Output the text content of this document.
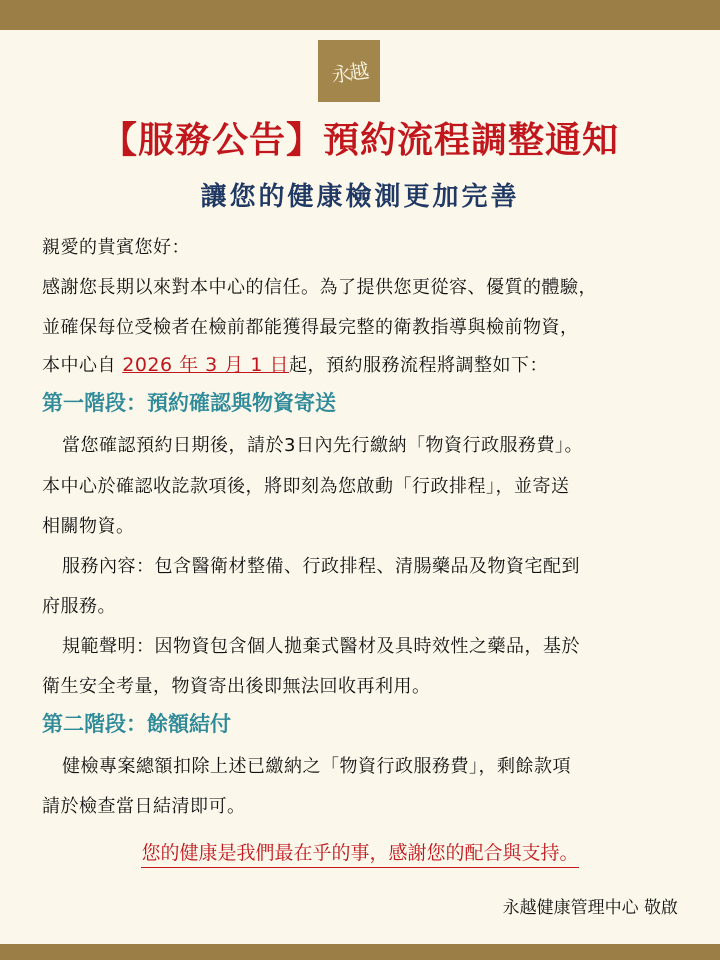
永越
【服務公告】預約流程調整通知
讓您的健康檢測更加完善
親愛的貴賓您好：
感謝您長期以來對本中心的信任。為了提供您更從容、優質的體驗，
並確保每位受檢者在檢前都能獲得最完整的衛教指導與檢前物資，
本中心自 2026 年 3 月 1 日起，預約服務流程將調整如下：
第一階段：預約確認與物資寄送
當您確認預約日期後，請於3日內先行繳納「物資行政服務費」。
本中心於確認收訖款項後，將即刻為您啟動「行政排程」，並寄送
相關物資。
服務內容：包含醫衛材整備、行政排程、清腸藥品及物資宅配到
府服務。
規範聲明：因物資包含個人拋棄式醫材及具時效性之藥品，基於
衛生安全考量，物資寄出後即無法回收再利用。
第二階段：餘額結付
健檢專案總額扣除上述已繳納之「物資行政服務費」，剩餘款項
請於檢查當日結清即可。
您的健康是我們最在乎的事，感謝您的配合與支持。
永越健康管理中心 敬啟
